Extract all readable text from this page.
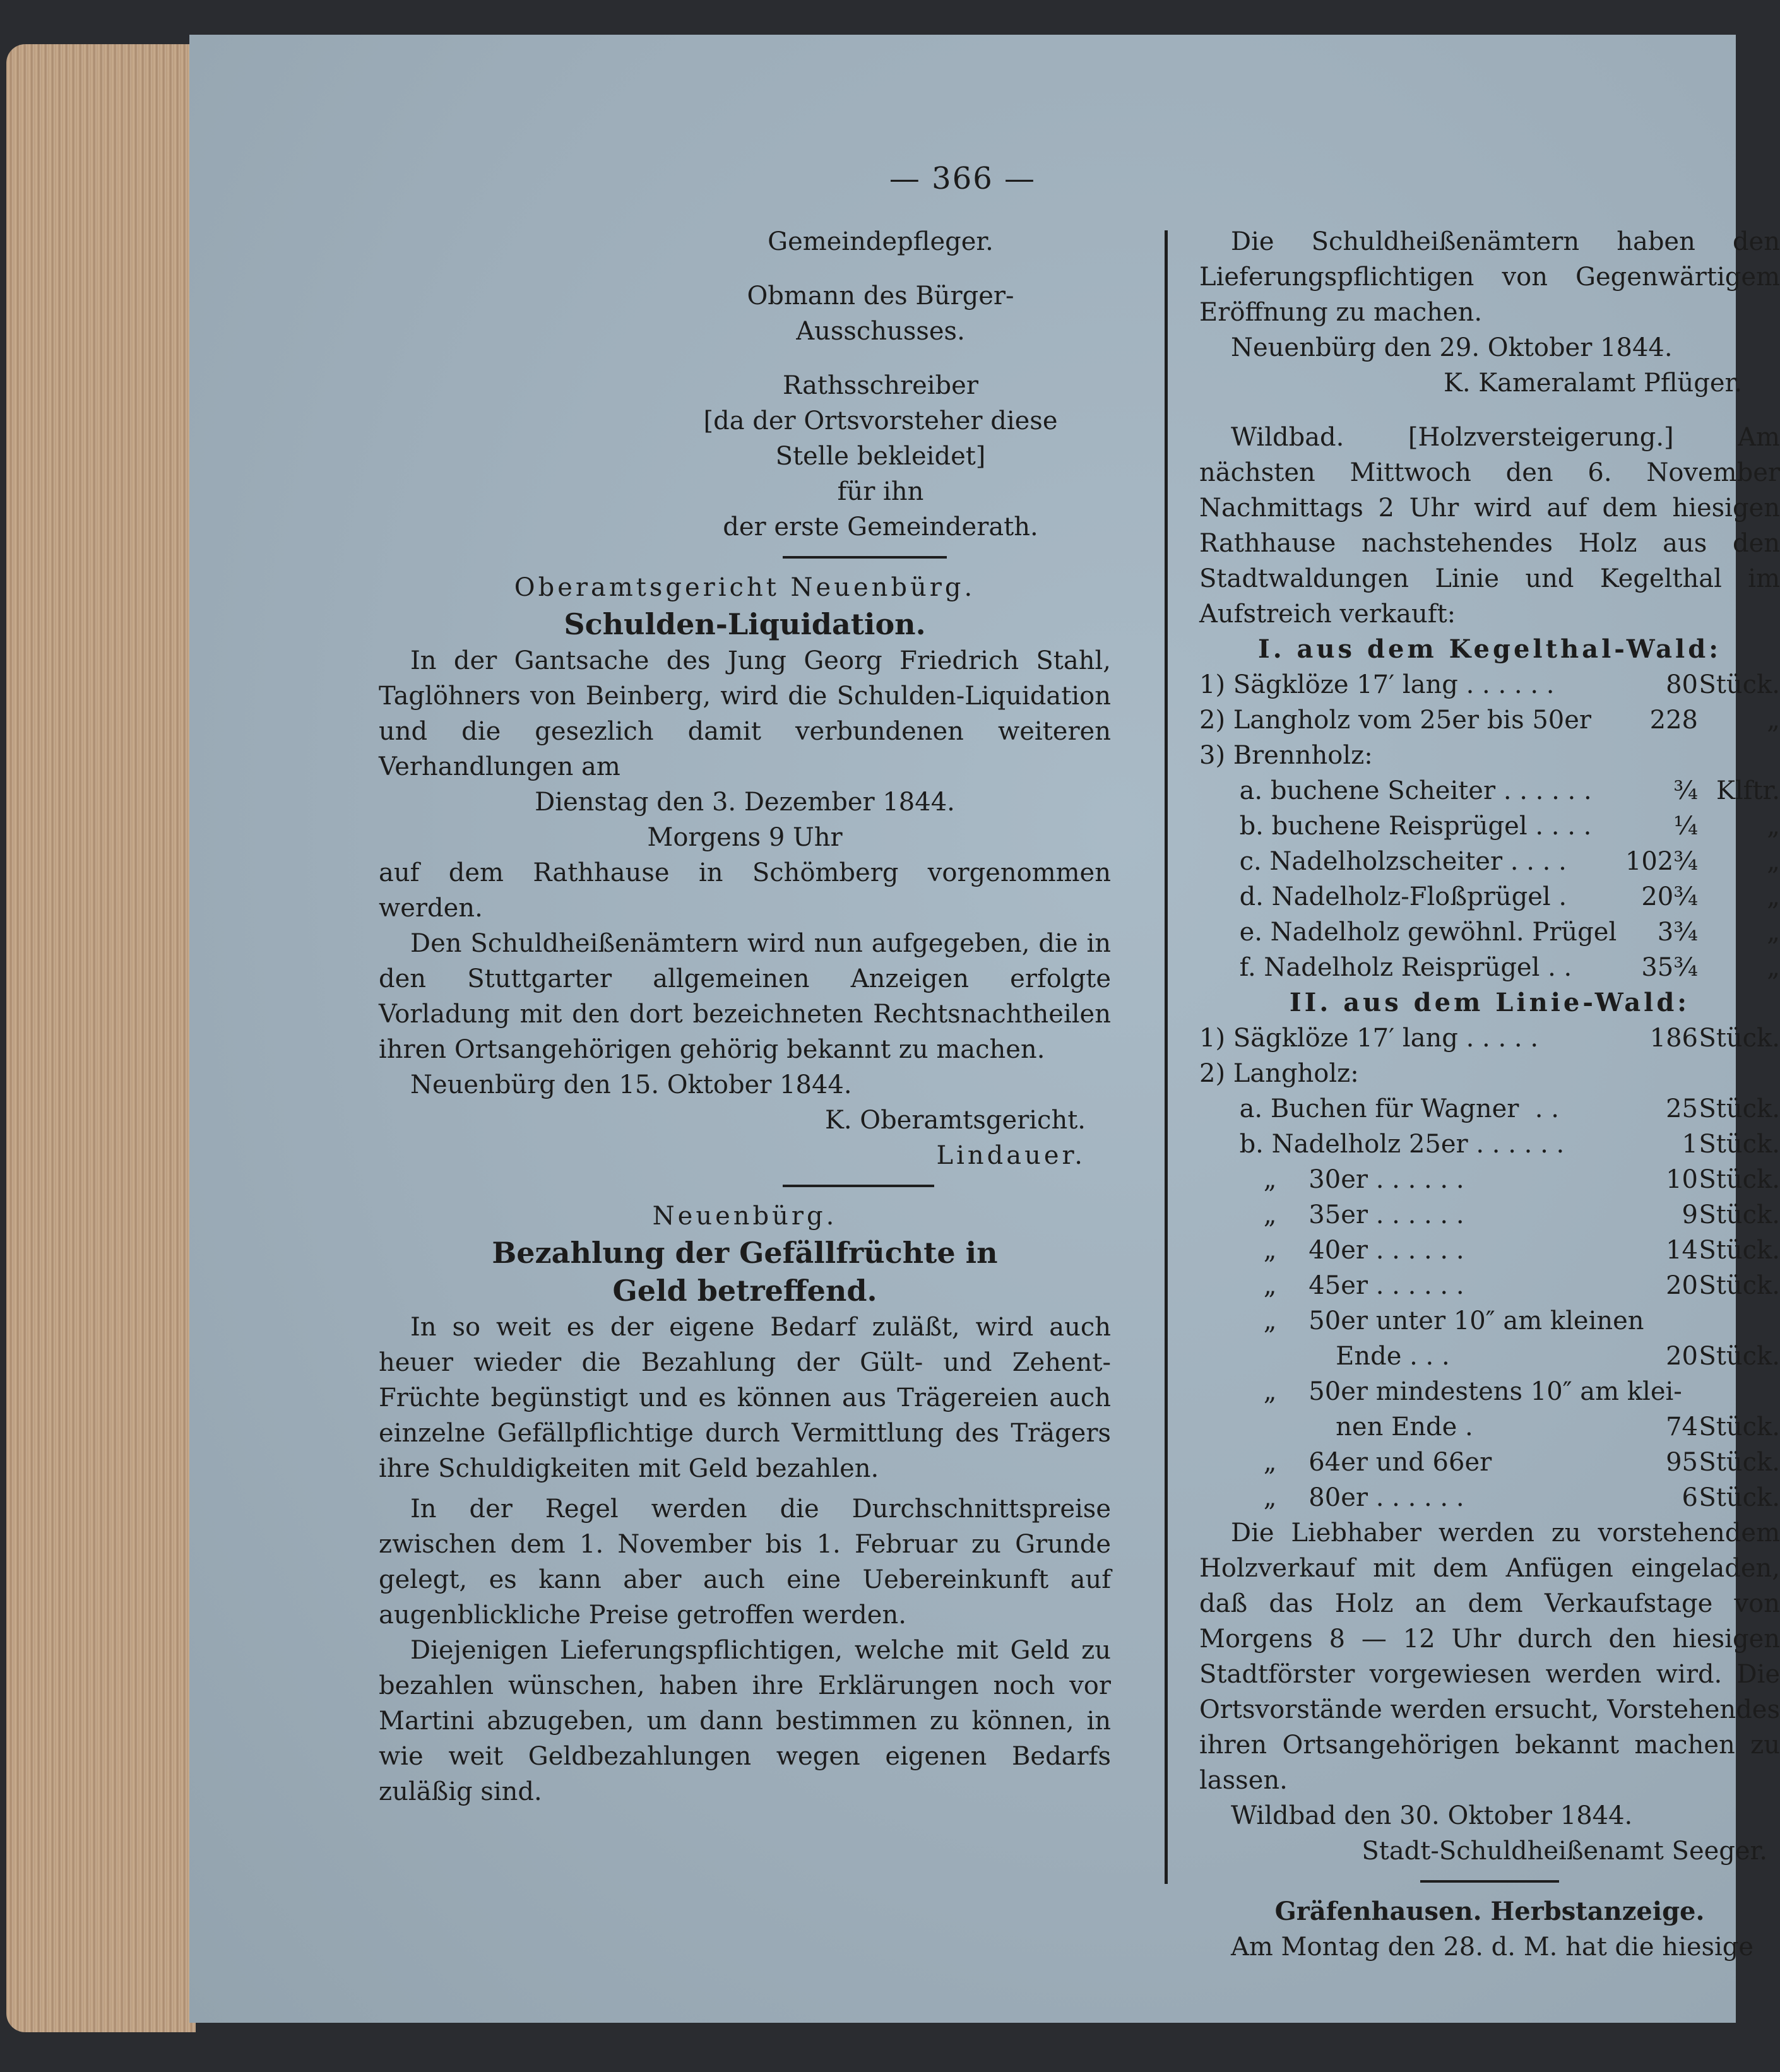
— 366 —

Gemeindepfleger.

Obmann des Bürger-

Ausschusses.

Rathsschreiber

[da der Ortsvorsteher diese

Stelle bekleidet]

für ihn

der erste Gemeinderath.

Oberamtsgericht Neuenbürg.

Schulden-Liquidation.

In der Gantsache des Jung Georg Friedrich Stahl, Taglöhners von Beinberg, wird die Schulden-Liquidation und die gesezlich damit verbundenen weiteren Verhandlungen am

Dienstag den 3. Dezember 1844.

Morgens 9 Uhr

auf dem Rathhause in Schömberg vorgenommen werden.

Den Schuldheißenämtern wird nun aufgegeben, die in den Stuttgarter allgemeinen Anzeigen erfolgte Vorladung mit den dort bezeichneten Rechtsnachtheilen ihren Ortsangehörigen gehörig bekannt zu machen.

Neuenbürg den 15. Oktober 1844.

K. Oberamtsgericht.

Lindauer.

Neuenbürg.

Bezahlung der Gefällfrüchte in

Geld betreffend.

In so weit es der eigene Bedarf zuläßt, wird auch heuer wieder die Bezahlung der Gült- und Zehent-Früchte begünstigt und es können aus Trägereien auch einzelne Gefällpflichtige durch Vermittlung des Trägers ihre Schuldigkeiten mit Geld bezahlen.

In der Regel werden die Durchschnittspreise zwischen dem 1. November bis 1. Februar zu Grunde gelegt, es kann aber auch eine Uebereinkunft auf augenblickliche Preise getroffen werden.

Diejenigen Lieferungspflichtigen, welche mit Geld zu bezahlen wünschen, haben ihre Erklärungen noch vor Martini abzugeben, um dann bestimmen zu können, in wie weit Geldbezahlungen wegen eigenen Bedarfs zuläßig sind.

Die Schuldheißenämtern haben den Lieferungspflichtigen von Gegenwärtigem Eröffnung zu machen.

Neuenbürg den 29. Oktober 1844.

K. Kameralamt Pflüger.

Wildbad. [Holzversteigerung.] Am nächsten Mittwoch den 6. November Nachmittags 2 Uhr wird auf dem hiesigen Rathhause nachstehendes Holz aus den Stadtwaldungen Linie und Kegelthal im Aufstreich verkauft:

I. aus dem Kegelthal-Wald:

1) Sägklöze 17′ lang . . . . . .	80 Stück.
2) Langholz vom 25er bis 50er	228	„
3) Brennholz:
a. buchene Scheiter . . . . . .	¾ Klftr.
b. buchene Reisprügel . . . .	¼	„
c. Nadelholzscheiter . . . .	102¾	„
d. Nadelholz-Floßprügel .	20¾	„
e. Nadelholz gewöhnl. Prügel	3¾	„
f. Nadelholz Reisprügel . .	35¾	„

II. aus dem Linie-Wald:

1) Sägklöze 17′ lang . . . . .	186 Stück.
2) Langholz:
a. Buchen für Wagner  . .	25 Stück.
b. Nadelholz 25er . . . . . .	1 Stück.
„    30er . . . . . .	10 Stück.
„    35er . . . . . .	9 Stück.
„    40er . . . . . .	14 Stück.
„    45er . . . . . .	20 Stück.
„    50er unter 10″ am kleinen
Ende . . .	20 Stück.
„    50er mindestens 10″ am klei-
nen Ende .	74 Stück.
„    64er und 66er	95 Stück.
„    80er . . . . . .	6 Stück.

Die Liebhaber werden zu vorstehendem Holzverkauf mit dem Anfügen eingeladen, daß das Holz an dem Verkaufstage von Morgens 8 — 12 Uhr durch den hiesigen Stadtförster vorgewiesen werden wird. Die Ortsvorstände werden ersucht, Vorstehendes ihren Ortsangehörigen bekannt machen zu lassen.

Wildbad den 30. Oktober 1844.

Stadt-Schuldheißenamt Seeger.

Gräfenhausen. Herbstanzeige.

Am Montag den 28. d. M. hat die hiesige
